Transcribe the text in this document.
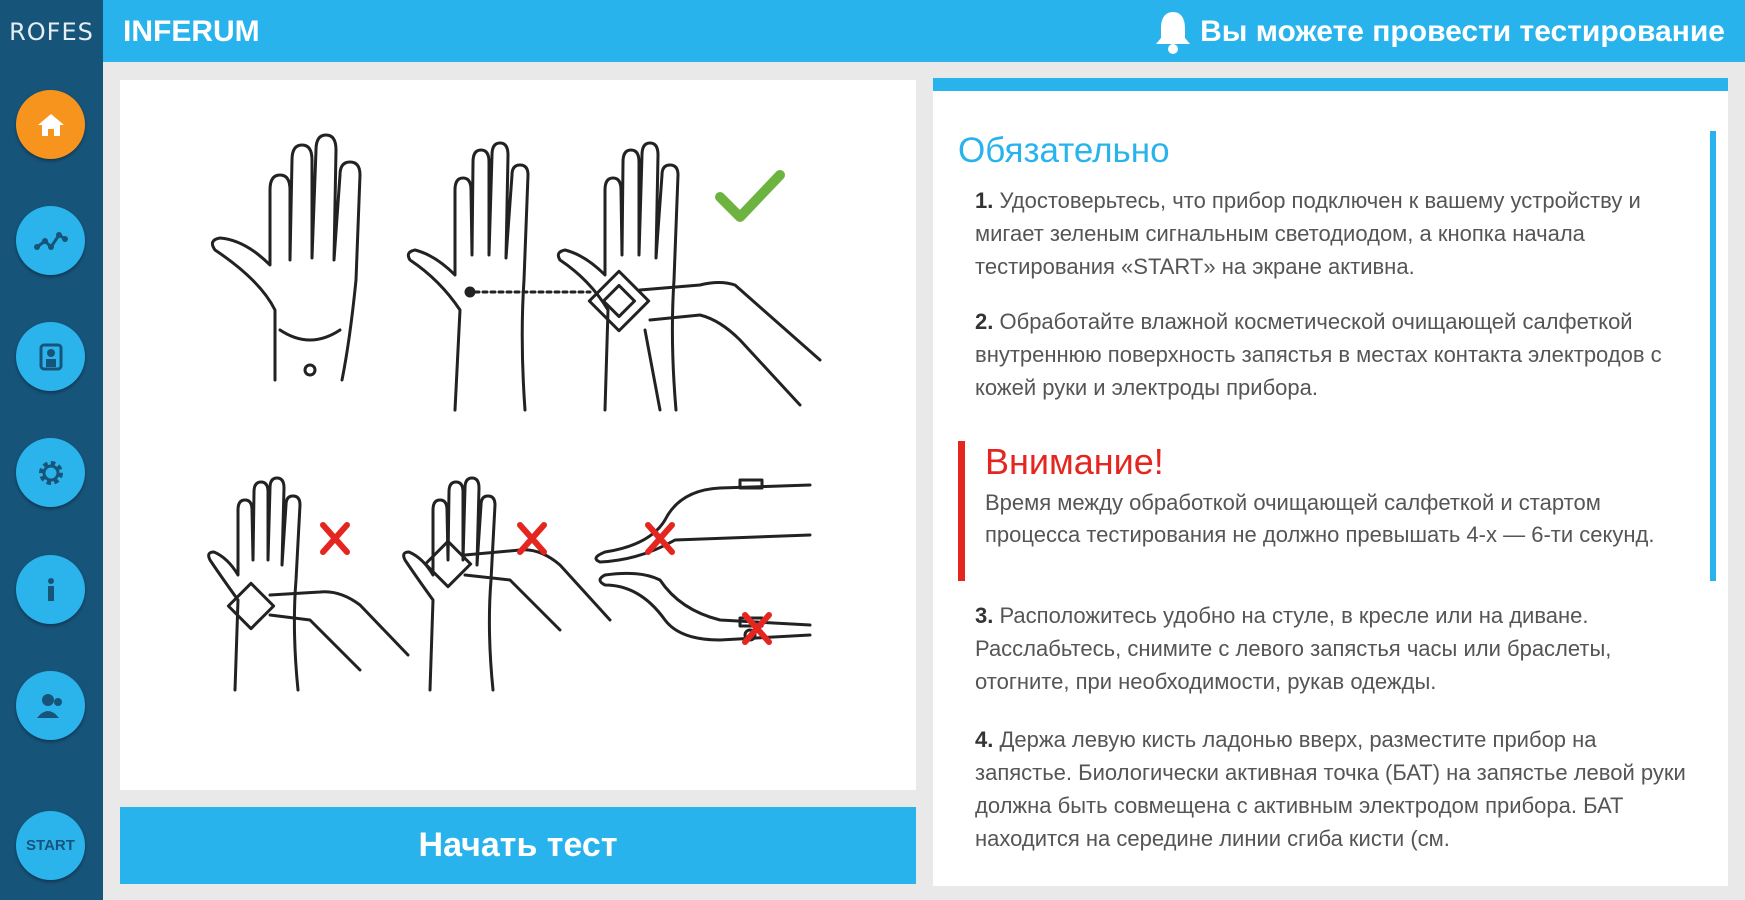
ROFES
START
INFERUM	Вы можете провести тестирование
Начать тест
Обязательно
1. Удостоверьтесь, что прибор подключен к вашему устройству и мигает зеленым сигнальным светодиодом, а кнопка начала тестирования «START» на экране активна.
2. Обработайте влажной косметической очищающей салфеткой внутреннюю поверхность запястья в местах контакта электродов с кожей руки и электроды прибора.
Внимание!
Время между обработкой очищающей салфеткой и стартом процесса тестирования не должно превышать 4-х — 6-ти секунд.
3. Расположитесь удобно на стуле, в кресле или на диване. Расслабьтесь, снимите с левого запястья часы или браслеты, отогните, при необходимости, рукав одежды.
4. Держа левую кисть ладонью вверх, разместите прибор на запястье. Биологически активная точка (БАТ) на запястье левой руки должна быть совмещена с активным электродом прибора. БАТ находится на середине линии сгиба кисти (см.
